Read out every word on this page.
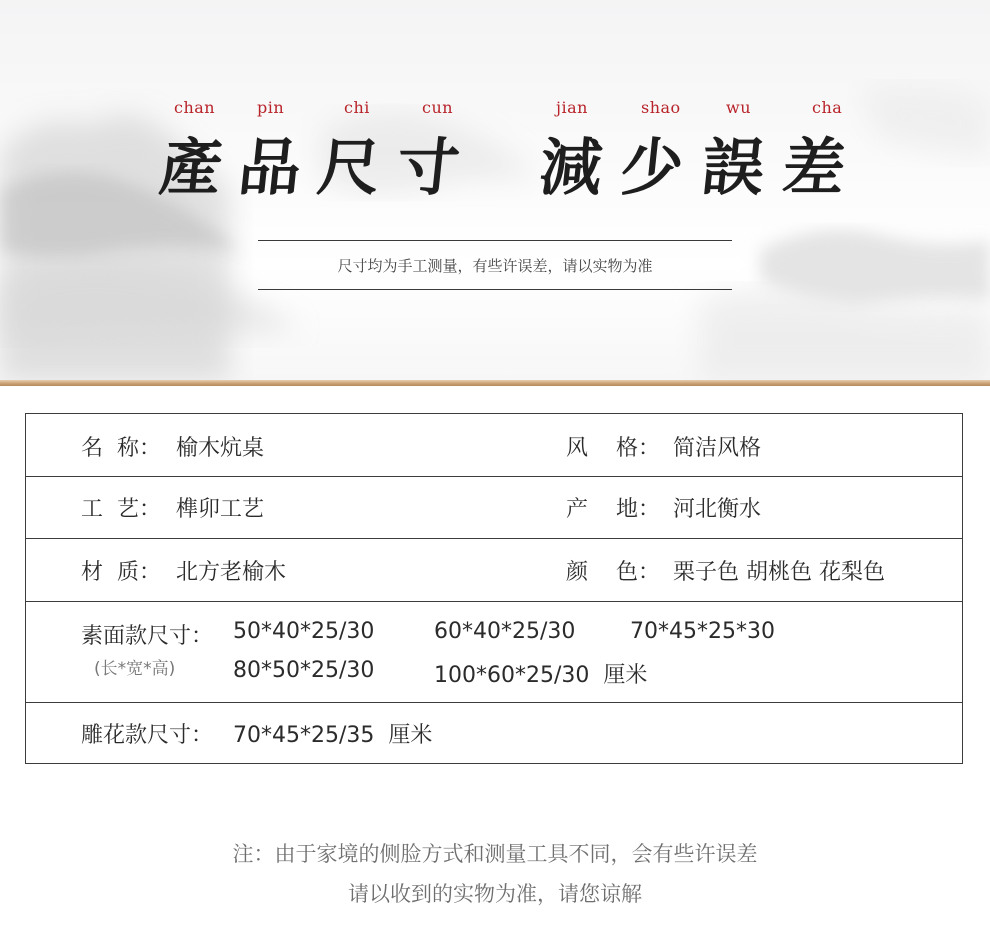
chan	pin	chi	cun	jian	shao	wu	cha
產 品 尺 寸 減 少 誤 差
尺寸均为手工测量，有些许误差，请以实物为准
名  称： 榆木炕桌	风    格： 简洁风格
工  艺： 榫卯工艺	产    地： 河北衡水
材  质： 北方老榆木	颜    色： 栗子色 胡桃色 花梨色
素面款尺寸：
(长*宽*高)
50*40*25/30	60*40*25/30 70*45*25*30
80*50*25/30	100*60*25/30  厘米
雕花款尺寸： 70*45*25/35  厘米
注：由于家境的侧脸方式和测量工具不同，会有些许误差
请以收到的实物为准，请您谅解
